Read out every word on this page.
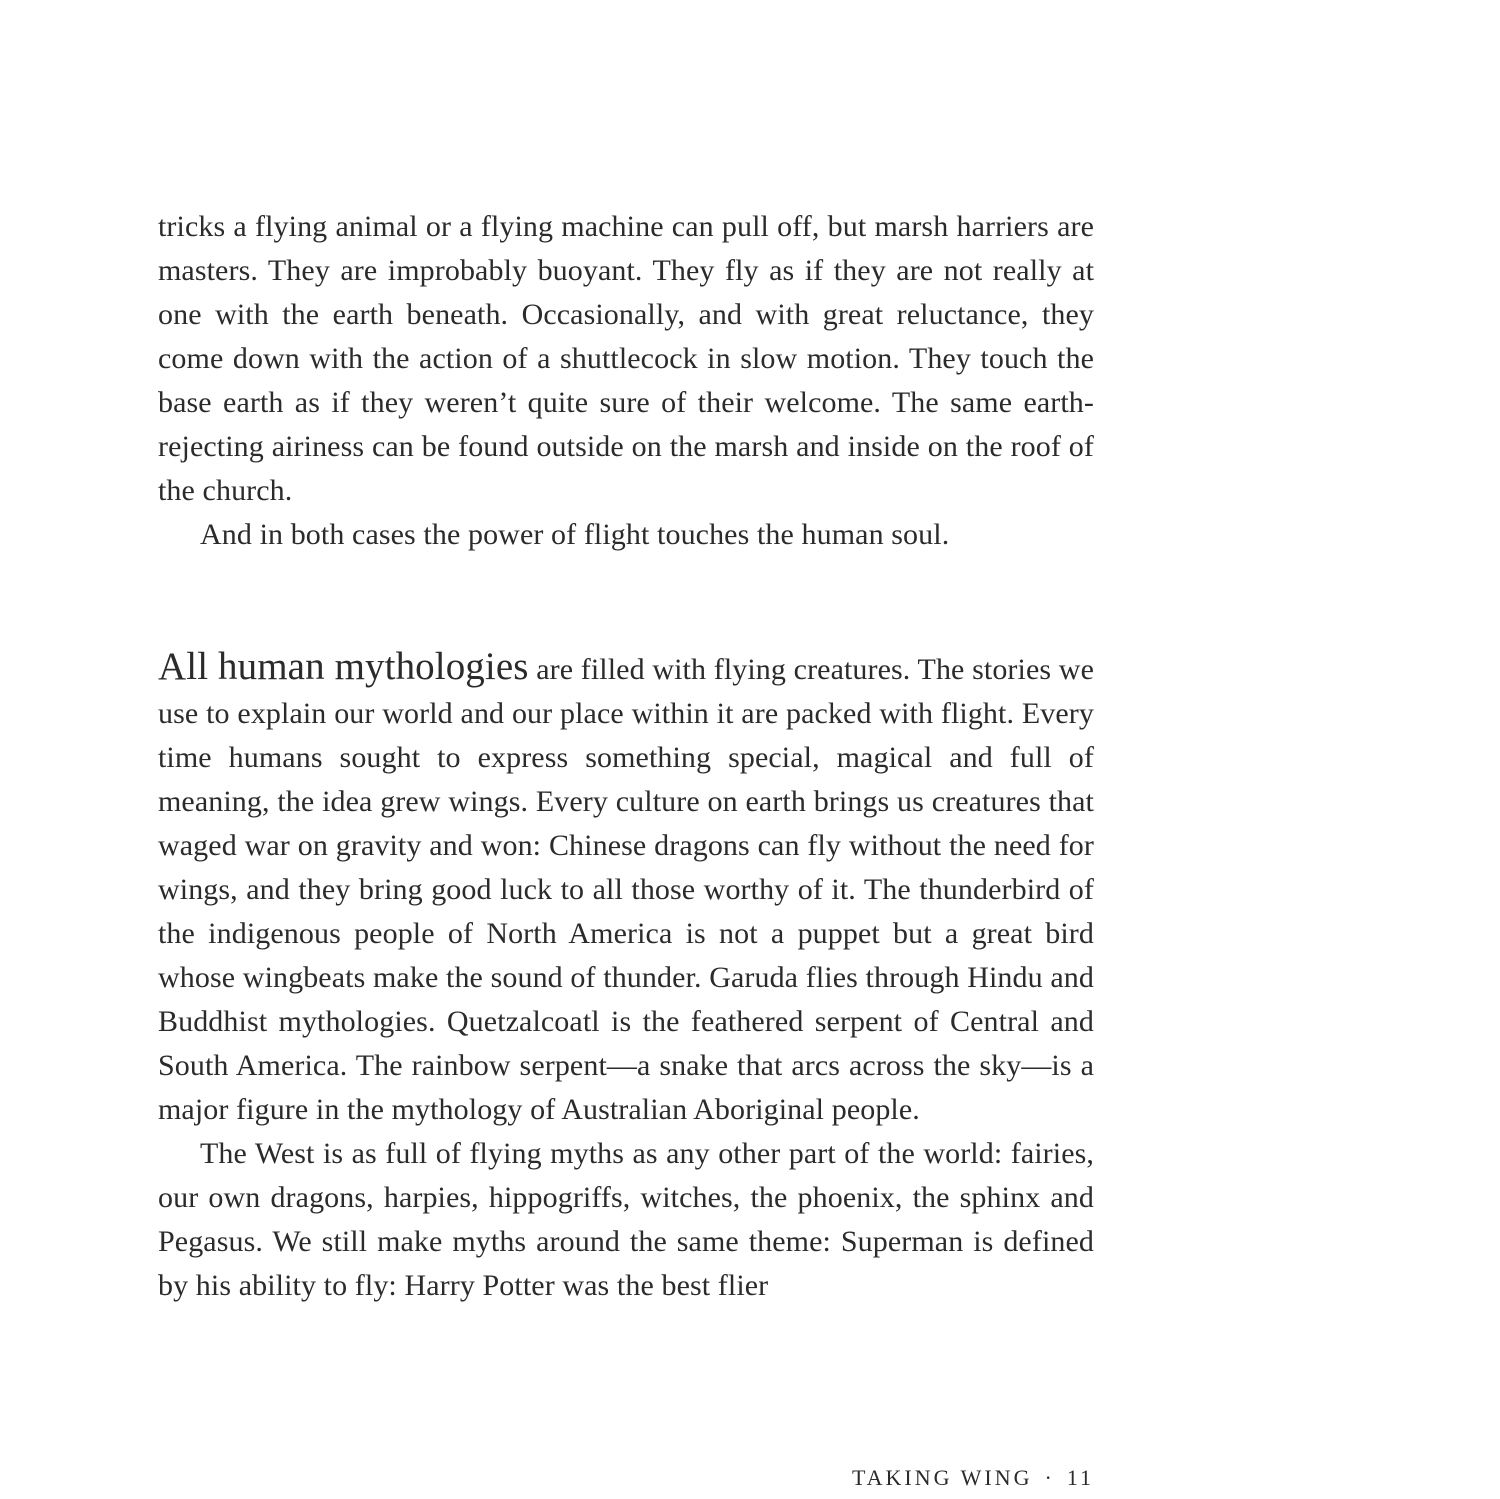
tricks a flying animal or a flying machine can pull off, but marsh harriers are masters. They are improbably buoyant. They fly as if they are not really at one with the earth beneath. Occasionally, and with great reluctance, they come down with the action of a shuttlecock in slow motion. They touch the base earth as if they weren’t quite sure of their welcome. The same earth-rejecting airiness can be found outside on the marsh and inside on the roof of the church.

And in both cases the power of flight touches the human soul.

All human mythologies are filled with flying creatures. The stories we use to explain our world and our place within it are packed with flight. Every time humans sought to express something special, magical and full of meaning, the idea grew wings. Every culture on earth brings us creatures that waged war on gravity and won: Chinese dragons can fly without the need for wings, and they bring good luck to all those worthy of it. The thunderbird of the indigenous people of North America is not a puppet but a great bird whose wingbeats make the sound of thunder. Garuda flies through Hindu and Buddhist mythologies. Quetzalcoatl is the feathered serpent of Central and South America. The rainbow serpent—a snake that arcs across the sky—is a major figure in the mythology of Australian Aboriginal people.

The West is as full of flying myths as any other part of the world: fairies, our own dragons, harpies, hippogriffs, witches, the phoenix, the sphinx and Pegasus. We still make myths around the same theme: Superman is defined by his ability to fly: Harry Potter was the best flier

TAKING WING · 11
